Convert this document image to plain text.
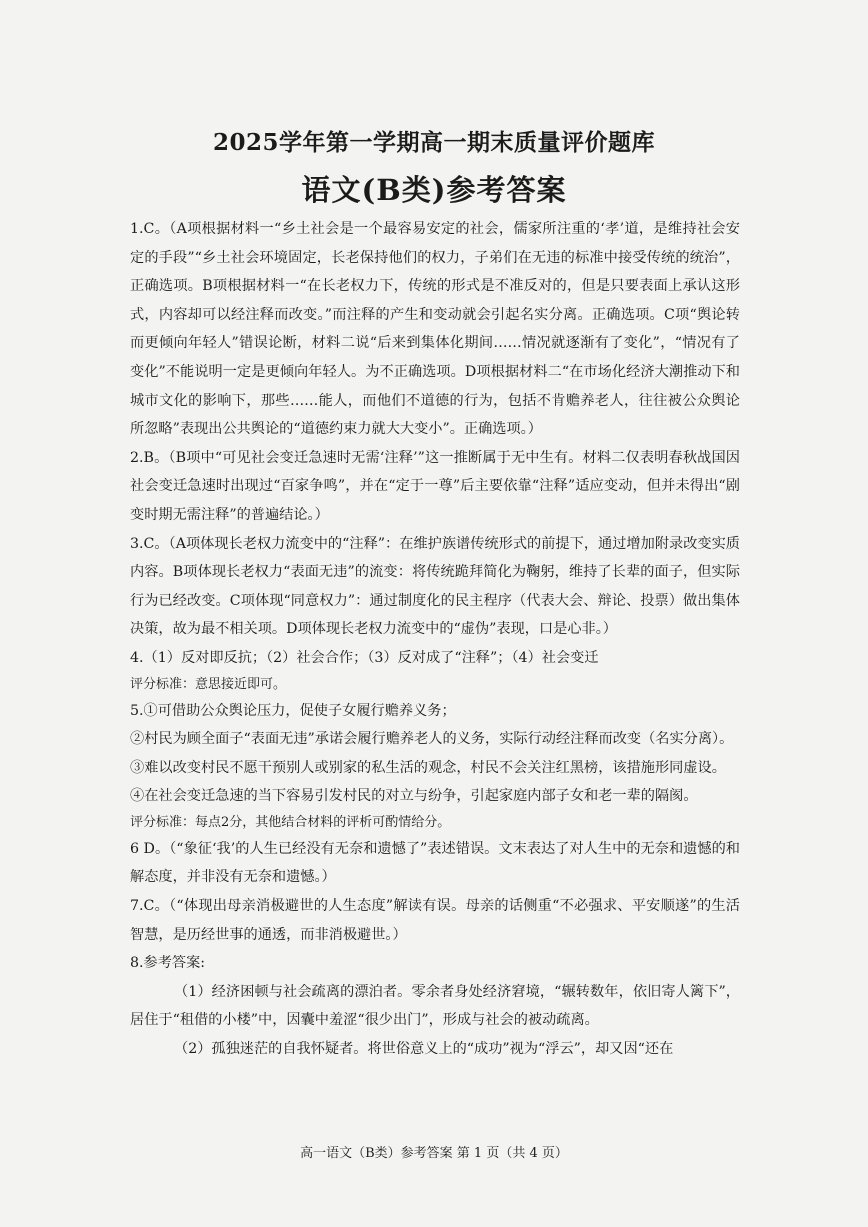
2025学年第一学期高一期末质量评价题库
语文(B类)参考答案

1.C。（A项根据材料一“乡土社会是一个最容易安定的社会，儒家所注重的‘孝’道，是维持社会安定的手段”“乡土社会环境固定，长老保持他们的权力，子弟们在无违的标准中接受传统的统治”，正确选项。B项根据材料一“在长老权力下，传统的形式是不准反对的，但是只要表面上承认这形式，内容却可以经注释而改变。”而注释的产生和变动就会引起名实分离。正确选项。C项“舆论转而更倾向年轻人”错误论断，材料二说“后来到集体化期间……情况就逐渐有了变化”，“情况有了变化”不能说明一定是更倾向年轻人。为不正确选项。D项根据材料二“在市场化经济大潮推动下和城市文化的影响下，那些……能人，而他们不道德的行为，包括不肯赡养老人，往往被公众舆论所忽略”表现出公共舆论的“道德约束力就大大变小”。正确选项。）

2.B。（B项中“可见社会变迁急速时无需‘注释’”这一推断属于无中生有。材料二仅表明春秋战国因社会变迁急速时出现过“百家争鸣”，并在“定于一尊”后主要依靠“注释”适应变动，但并未得出“剧变时期无需注释”的普遍结论。）

3.C。（A项体现长老权力流变中的“注释”：在维护族谱传统形式的前提下，通过增加附录改变实质内容。B项体现长老权力“表面无违”的流变：将传统跪拜简化为鞠躬，维持了长辈的面子，但实际行为已经改变。C项体现“同意权力”：通过制度化的民主程序（代表大会、辩论、投票）做出集体决策，故为最不相关项。D项体现长老权力流变中的“虚伪”表现，口是心非。）

4.（1）反对即反抗；（2）社会合作；（3）反对成了“注释”；（4）社会变迁

评分标准：意思接近即可。

5.①可借助公众舆论压力，促使子女履行赡养义务；

②村民为顾全面子“表面无违”承诺会履行赡养老人的义务，实际行动经注释而改变（名实分离）。

③难以改变村民不愿干预别人或别家的私生活的观念，村民不会关注红黑榜，该措施形同虚设。

④在社会变迁急速的当下容易引发村民的对立与纷争，引起家庭内部子女和老一辈的隔阂。

评分标准：每点2分，其他结合材料的评析可酌情给分。

6 D。（“象征‘我’的人生已经没有无奈和遗憾了”表述错误。文末表达了对人生中的无奈和遗憾的和解态度，并非没有无奈和遗憾。）

7.C。（“体现出母亲消极避世的人生态度”解读有误。母亲的话侧重“不必强求、平安顺遂”的生活智慧，是历经世事的通透，而非消极避世。）

8.参考答案:

（1）经济困顿与社会疏离的漂泊者。零余者身处经济窘境，“辗转数年，依旧寄人篱下”，居住于“租借的小楼”中，因囊中羞涩“很少出门”，形成与社会的被动疏离。

（2）孤独迷茫的自我怀疑者。将世俗意义上的“成功”视为“浮云”，却又因“还在

高一语文（B类）参考答案 第 1 页（共 4 页）
